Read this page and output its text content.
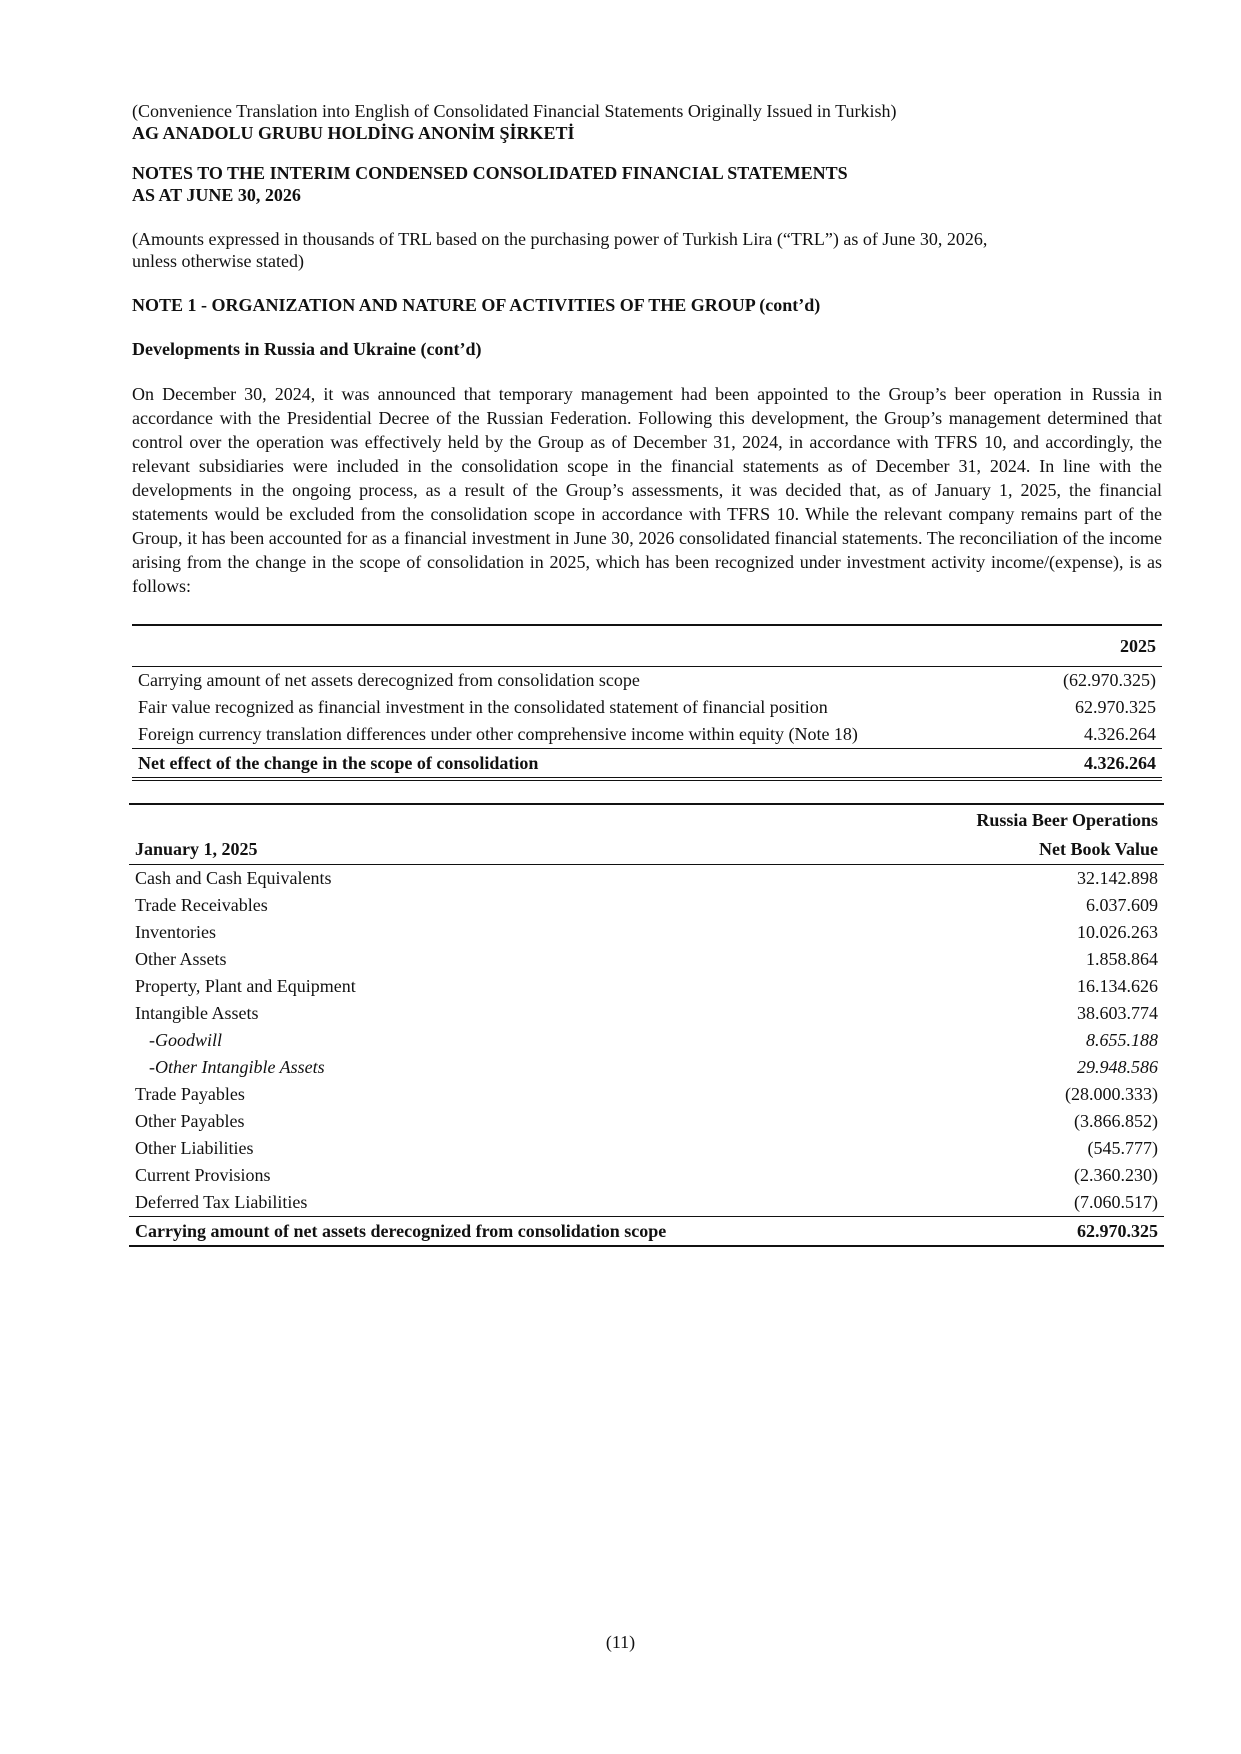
(Convenience Translation into English of Consolidated Financial Statements Originally Issued in Turkish)
AG ANADOLU GRUBU HOLDİNG ANONİM ŞİRKETİ
NOTES TO THE INTERIM CONDENSED CONSOLIDATED FINANCIAL STATEMENTS
AS AT JUNE 30, 2026
(Amounts expressed in thousands of TRL based on the purchasing power of Turkish Lira (“TRL”) as of June 30, 2026,
unless otherwise stated)
NOTE 1 - ORGANIZATION AND NATURE OF ACTIVITIES OF THE GROUP (cont’d)
Developments in Russia and Ukraine (cont’d)

On December 30, 2024, it was announced that temporary management had been appointed to the Group’s beer operation in Russia in accordance with the Presidential Decree of the Russian Federation. Following this development, the Group’s management determined that control over the operation was effectively held by the Group as of December 31, 2024, in accordance with TFRS 10, and accordingly, the relevant subsidiaries were included in the consolidation scope in the financial statements as of December 31, 2024. In line with the developments in the ongoing process, as a result of the Group’s assessments, it was decided that, as of January 1, 2025, the financial statements would be excluded from the consolidation scope in accordance with TFRS 10. While the relevant company remains part of the Group, it has been accounted for as a financial investment in June 30, 2026 consolidated financial statements. The reconciliation of the income arising from the change in the scope of consolidation in 2025, which has been recognized under investment activity income/(expense), is as follows:

	2025
Carrying amount of net assets derecognized from consolidation scope	(62.970.325)
Fair value recognized as financial investment in the consolidated statement of financial position	62.970.325
Foreign currency translation differences under other comprehensive income within equity (Note 18)	4.326.264
Net effect of the change in the scope of consolidation	4.326.264
	Russia Beer Operations
January 1, 2025	Net Book Value
Cash and Cash Equivalents	32.142.898
Trade Receivables	6.037.609
Inventories	10.026.263
Other Assets	1.858.864
Property, Plant and Equipment	16.134.626
Intangible Assets	38.603.774
-Goodwill	8.655.188
-Other Intangible Assets	29.948.586
Trade Payables	(28.000.333)
Other Payables	(3.866.852)
Other Liabilities	(545.777)
Current Provisions	(2.360.230)
Deferred Tax Liabilities	(7.060.517)
Carrying amount of net assets derecognized from consolidation scope	62.970.325
(11)
